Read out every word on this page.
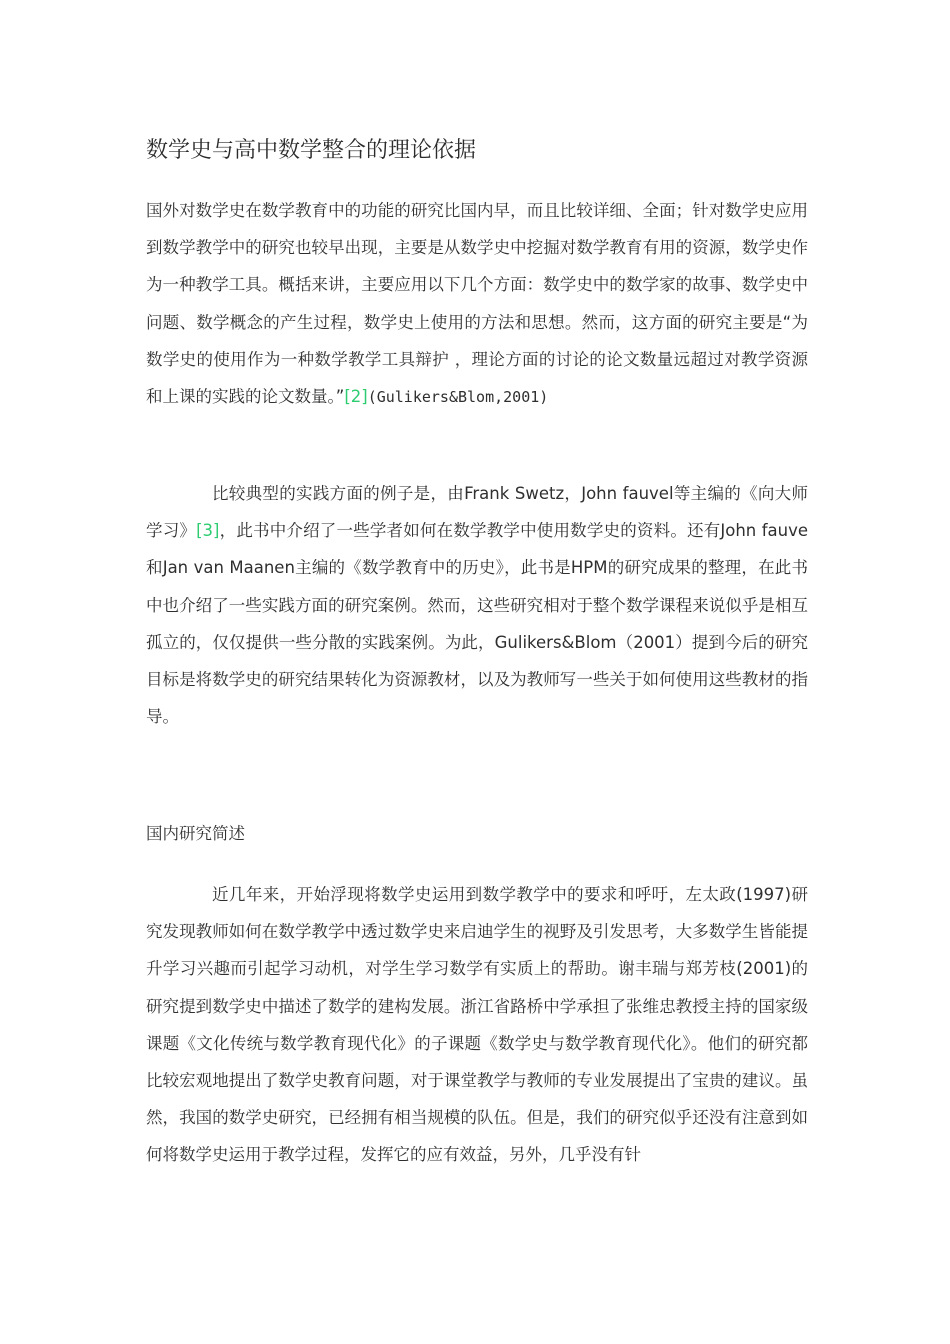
数学史与高中数学整合的理论依据

国外对数学史在数学教育中的功能的研究比国内早，而且比较详细、全面；针对数学史应用到数学教学中的研究也较早出现，主要是从数学史中挖掘对数学教育有用的资源，数学史作为一种教学工具。概括来讲，主要应用以下几个方面：数学史中的数学家的故事、数学史中问题、数学概念的产生过程，数学史上使用的方法和思想。然而，这方面的研究主要是“为数学史的使用作为一种数学教学工具辩护 ，理论方面的讨论的论文数量远超过对教学资源和上课的实践的论文数量。”[2](Gulikers&Blom,2001)

比较典型的实践方面的例子是，由Frank Swetz，John fauvel等主编的《向大师学习》[3]，此书中介绍了一些学者如何在数学教学中使用数学史的资料。还有John fauve和Jan van Maanen主编的《数学教育中的历史》，此书是HPM的研究成果的整理，在此书中也介绍了一些实践方面的研究案例。然而，这些研究相对于整个数学课程来说似乎是相互孤立的，仅仅提供一些分散的实践案例。为此，Gulikers&Blom（2001）提到今后的研究目标是将数学史的研究结果转化为资源教材，以及为教师写一些关于如何使用这些教材的指导。

国内研究简述

近几年来，开始浮现将数学史运用到数学教学中的要求和呼吁，左太政(1997)研究发现教师如何在数学教学中透过数学史来启迪学生的视野及引发思考，大多数学生皆能提升学习兴趣而引起学习动机，对学生学习数学有实质上的帮助。谢丰瑞与郑芳枝(2001)的研究提到数学史中描述了数学的建构发展。浙江省路桥中学承担了张维忠教授主持的国家级课题《文化传统与数学教育现代化》的子课题《数学史与数学教育现代化》。他们的研究都比较宏观地提出了数学史教育问题，对于课堂教学与教师的专业发展提出了宝贵的建议。虽然，我国的数学史研究，已经拥有相当规模的队伍。但是，我们的研究似乎还没有注意到如何将数学史运用于教学过程，发挥它的应有效益，另外，几乎没有针
